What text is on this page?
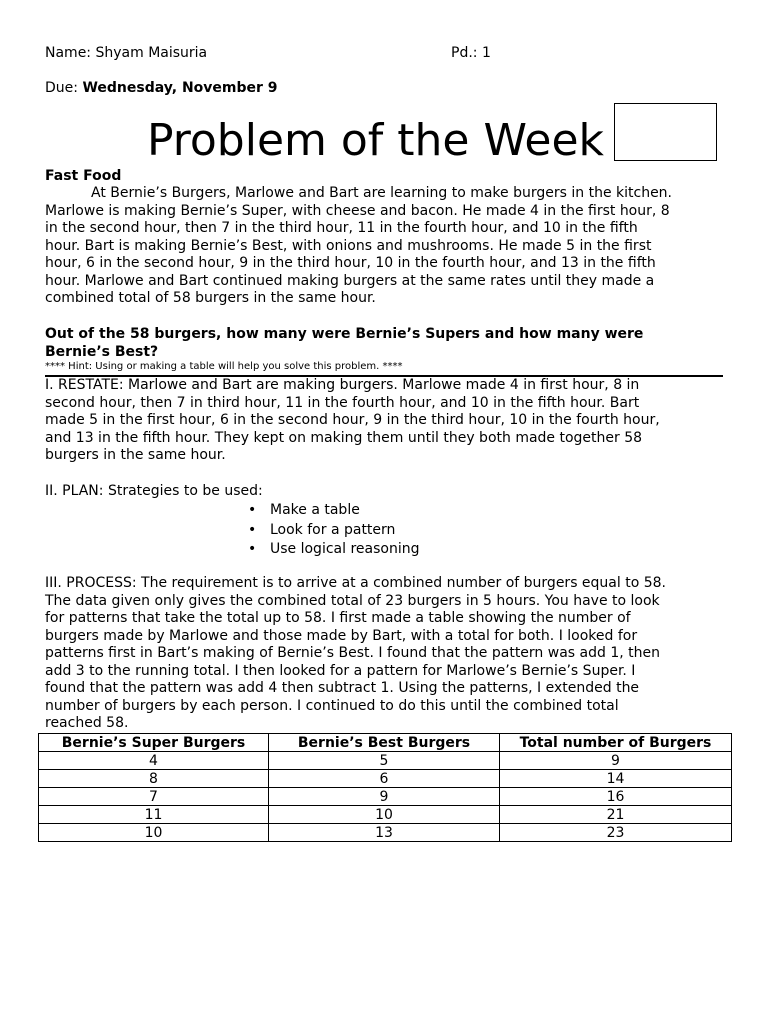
Name: Shyam Maisuria	Pd.: 1
Due: Wednesday, November 9
Problem of the Week
Fast Food
At Bernie’s Burgers, Marlowe and Bart are learning to make burgers in the kitchen.
Marlowe is making Bernie’s Super, with cheese and bacon. He made 4 in the first hour, 8
in the second hour, then 7 in the third hour, 11 in the fourth hour, and 10 in the fifth
hour. Bart is making Bernie’s Best, with onions and mushrooms. He made 5 in the first
hour, 6 in the second hour, 9 in the third hour, 10 in the fourth hour, and 13 in the fifth
hour. Marlowe and Bart continued making burgers at the same rates until they made a
combined total of 58 burgers in the same hour.
Out of the 58 burgers, how many were Bernie’s Supers and how many were
Bernie’s Best?
**** Hint: Using or making a table will help you solve this problem. ****
I. RESTATE: Marlowe and Bart are making burgers. Marlowe made 4 in first hour, 8 in
second hour, then 7 in third hour, 11 in the fourth hour, and 10 in the fifth hour. Bart
made 5 in the first hour, 6 in the second hour, 9 in the third hour, 10 in the fourth hour,
and 13 in the fifth hour. They kept on making them until they both made together 58
burgers in the same hour.
II. PLAN: Strategies to be used:
• Make a table
• Look for a pattern
• Use logical reasoning
III. PROCESS: The requirement is to arrive at a combined number of burgers equal to 58.
The data given only gives the combined total of 23 burgers in 5 hours. You have to look
for patterns that take the total up to 58. I first made a table showing the number of
burgers made by Marlowe and those made by Bart, with a total for both. I looked for
patterns first in Bart’s making of Bernie’s Best. I found that the pattern was add 1, then
add 3 to the running total. I then looked for a pattern for Marlowe’s Bernie’s Super. I
found that the pattern was add 4 then subtract 1. Using the patterns, I extended the
number of burgers by each person. I continued to do this until the combined total
reached 58.
Bernie’s Super Burgers	Bernie’s Best Burgers	Total number of Burgers
4	5	9
8	6	14
7	9	16
11	10	21
10	13	23
